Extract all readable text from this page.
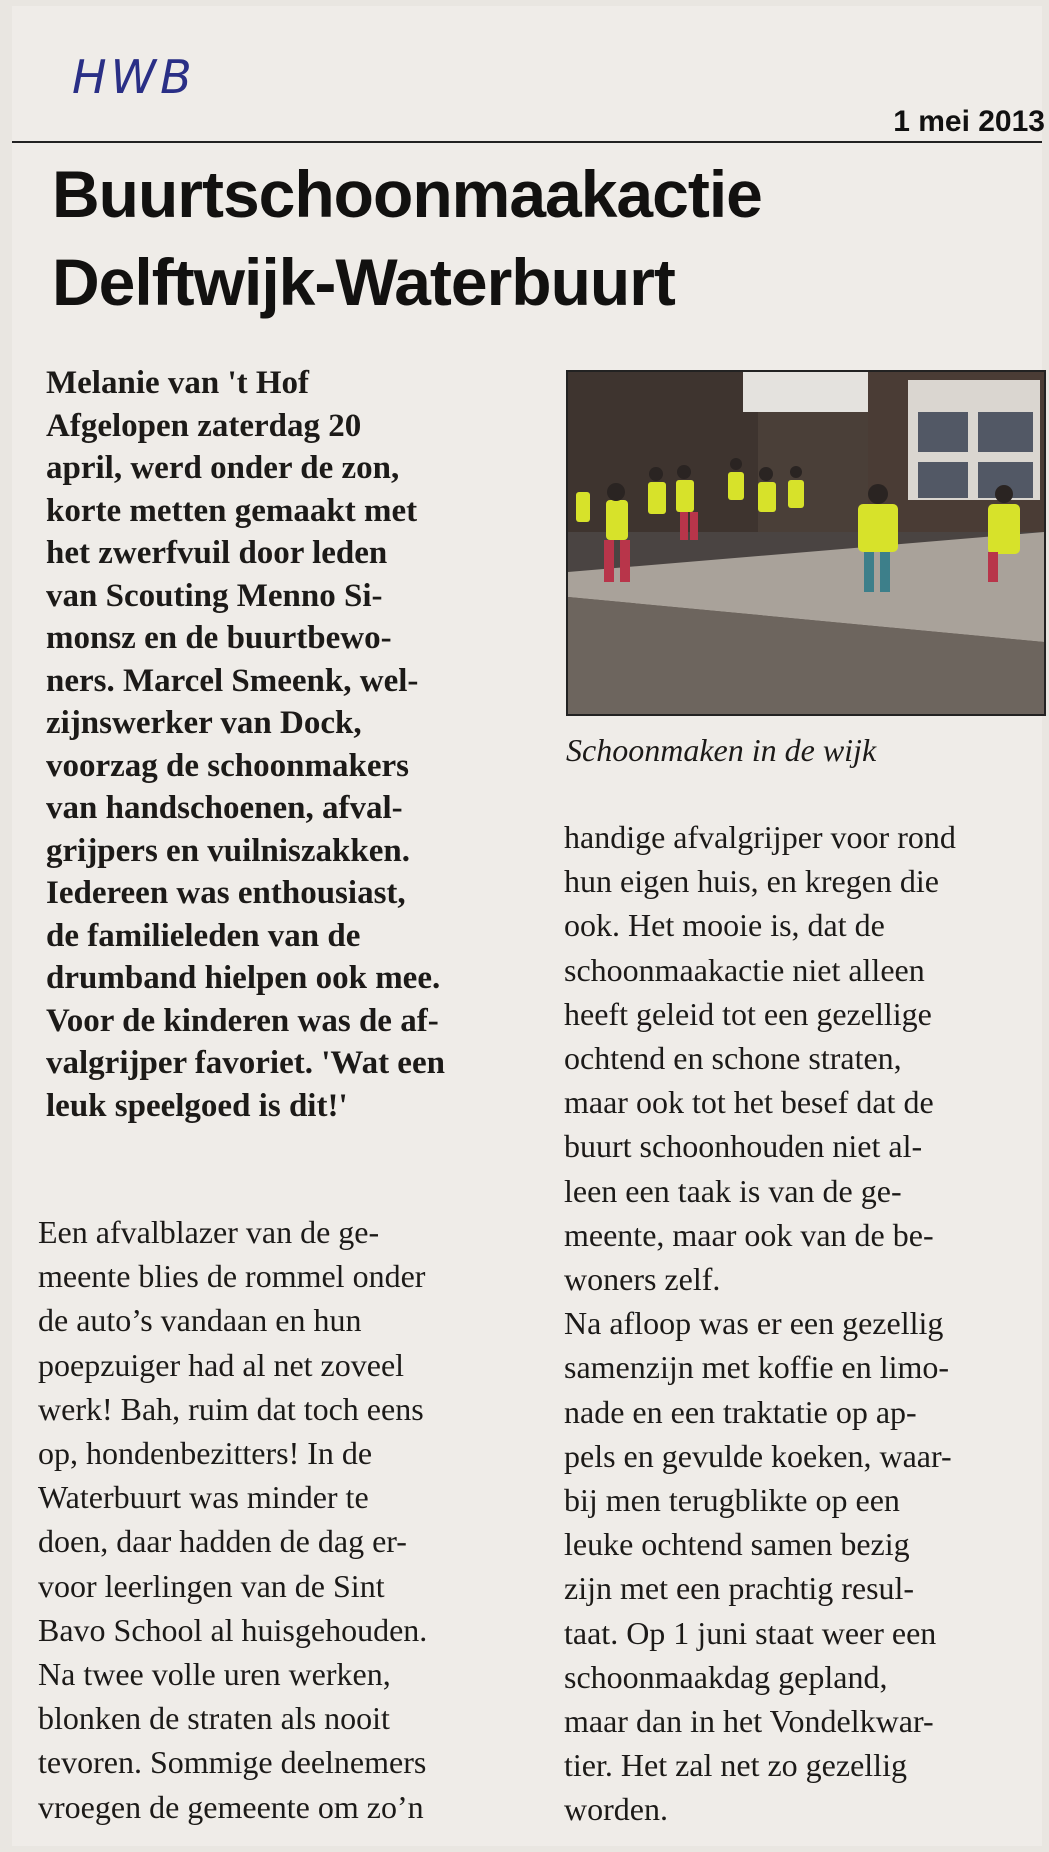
HWB
1 mei 2013
Buurtschoonmaakactie
Delftwijk-Waterbuurt
Melanie van 't Hof
Afgelopen zaterdag 20
april, werd onder de zon,
korte metten gemaakt met
het zwerfvuil door leden
van Scouting Menno Si-
monsz en de buurtbewo-
ners. Marcel Smeenk, wel-
zijnswerker van Dock,
voorzag de schoonmakers
van handschoenen, afval-
grijpers en vuilniszakken.
Iedereen was enthousiast,
de familieleden van de
drumband hielpen ook mee.
Voor de kinderen was de af-
valgrijper favoriet. 'Wat een
leuk speelgoed is dit!'
Een afvalblazer van de ge-
meente blies de rommel onder
de auto’s vandaan en hun
poepzuiger had al net zoveel
werk! Bah, ruim dat toch eens
op, hondenbezitters! In de
Waterbuurt was minder te
doen, daar hadden de dag er-
voor leerlingen van de Sint
Bavo School al huisgehouden.
Na twee volle uren werken,
blonken de straten als nooit
tevoren. Sommige deelnemers
vroegen de gemeente om zo’n
Schoonmaken in de wijk
handige afvalgrijper voor rond
hun eigen huis, en kregen die
ook. Het mooie is, dat de
schoonmaakactie niet alleen
heeft geleid tot een gezellige
ochtend en schone straten,
maar ook tot het besef dat de
buurt schoonhouden niet al-
leen een taak is van de ge-
meente, maar ook van de be-
woners zelf.
Na afloop was er een gezellig
samenzijn met koffie en limo-
nade en een traktatie op ap-
pels en gevulde koeken, waar-
bij men terugblikte op een
leuke ochtend samen bezig
zijn met een prachtig resul-
taat. Op 1 juni staat weer een
schoonmaakdag gepland,
maar dan in het Vondelkwar-
tier. Het zal net zo gezellig
worden.
